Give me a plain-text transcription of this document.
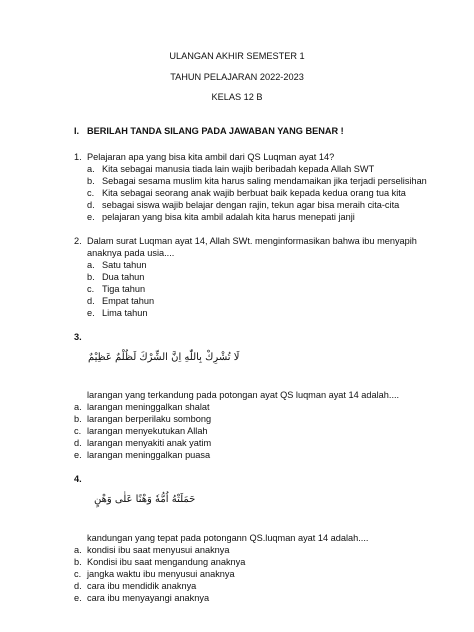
ULANGAN AKHIR SEMESTER 1
TAHUN PELAJARAN 2022-2023
KELAS 12 B
I. BERILAH TANDA SILANG PADA JAWABAN YANG BENAR !
1. Pelajaran apa yang bisa kita ambil dari QS Luqman ayat 14?
a. Kita sebagai manusia tiada lain wajib beribadah kepada Allah SWT
b. Sebagai sesama muslim kita harus saling mendamaikan jika terjadi perselisihan
c. Kita sebagai seorang anak wajib berbuat baik kepada kedua orang tua kita
d. sebagai siswa wajib belajar dengan rajin, tekun agar bisa meraih cita-cita
e. pelajaran yang bisa kita ambil adalah kita harus menepati janji
2. Dalam surat Luqman ayat 14, Allah SWt. menginformasikan bahwa ibu menyapih
anaknya pada usia....
a. Satu tahun
b. Dua tahun
c. Tiga tahun
d. Empat tahun
e. Lima tahun
3.
لَا تُشْرِكْ بِاللّٰهِ اِنَّ الشِّرْكَ لَظُلْمٌ عَظِيْمٌ
larangan yang terkandung pada potongan ayat QS luqman ayat 14 adalah....
a. larangan meninggalkan shalat
b. larangan berperilaku sombong
c. larangan menyekutukan Allah
d. larangan menyakiti anak yatim
e. larangan meninggalkan puasa
4.
حَمَلَتْهُ اُمُّهٗ وَهْنًا عَلٰى وَهْنٍ
kandungan yang tepat pada potongann QS.luqman ayat 14 adalah....
a. kondisi ibu saat menyusui anaknya
b. Kondisi ibu saat mengandung anaknya
c. jangka waktu ibu menyusui anaknya
d. cara ibu mendidik anaknya
e. cara ibu menyayangi anaknya
